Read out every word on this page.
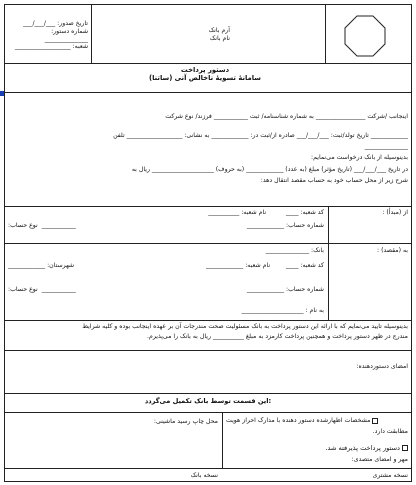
تاریخ صدور: ___/___/___
شماره دستور: ______________
شعبه: __________________
آرم بانک
نام بانک
دستور پرداخت
سامانهٔ تسویهٔ ناخالص آنی (ساتنا)
اینجانب /شرکت ________________ به شماره شناسنامه/ ثبت ___________ فرزند/ نوع شرکت
____________ تاریخ تولد/ثبت: ___/___/___ صادره از/ثبت در: ____________ به نشانی: __________________ تلفن
______________
بدینوسیله از بانک درخواست می‌نمایم:
در تاریخ ___/___/___ (تاریخ مؤثر) مبلغ (به عدد) ____________ (به حروف) ____________________ ریال به
شرح زیر از محل حساب خود به حساب مقصد انتقال دهد:
از (مبدأ) :
کد شعبه: ____
نام شعبه: __________
شماره حساب: ____________
___________
نوع حساب:
به (مقصد) :
بانک: ______________
کد شعبه: ____
نام شعبه: ____________
شهرستان: ____________
شماره حساب: ____________
___________
نوع حساب:
به نام : ____________________
بدینوسیله تایید می‌نمایم که با ارائه این دستور پرداخت به بانک مسئولیت صحت مندرجات آن بر عهده اینجانب بوده و کلیه شرایط
مندرج در ظهر دستور پرداخت و همچنین پرداخت کارمزد به مبلغ __________ ریال به بانک را می‌پذیرم.
امضای دستوردهنده:
این قسمت توسط بانک تکمیل می‌گردد:
مشخصات اظهارشده دستور دهنده با مدارک احراز هویت
مطابقت دارد.
دستور پرداخت پذیرفته شد.
مهر و امضای متصدی:
محل چاپ رسید ماشینی:
نسخه مشتری
نسخه بانک
